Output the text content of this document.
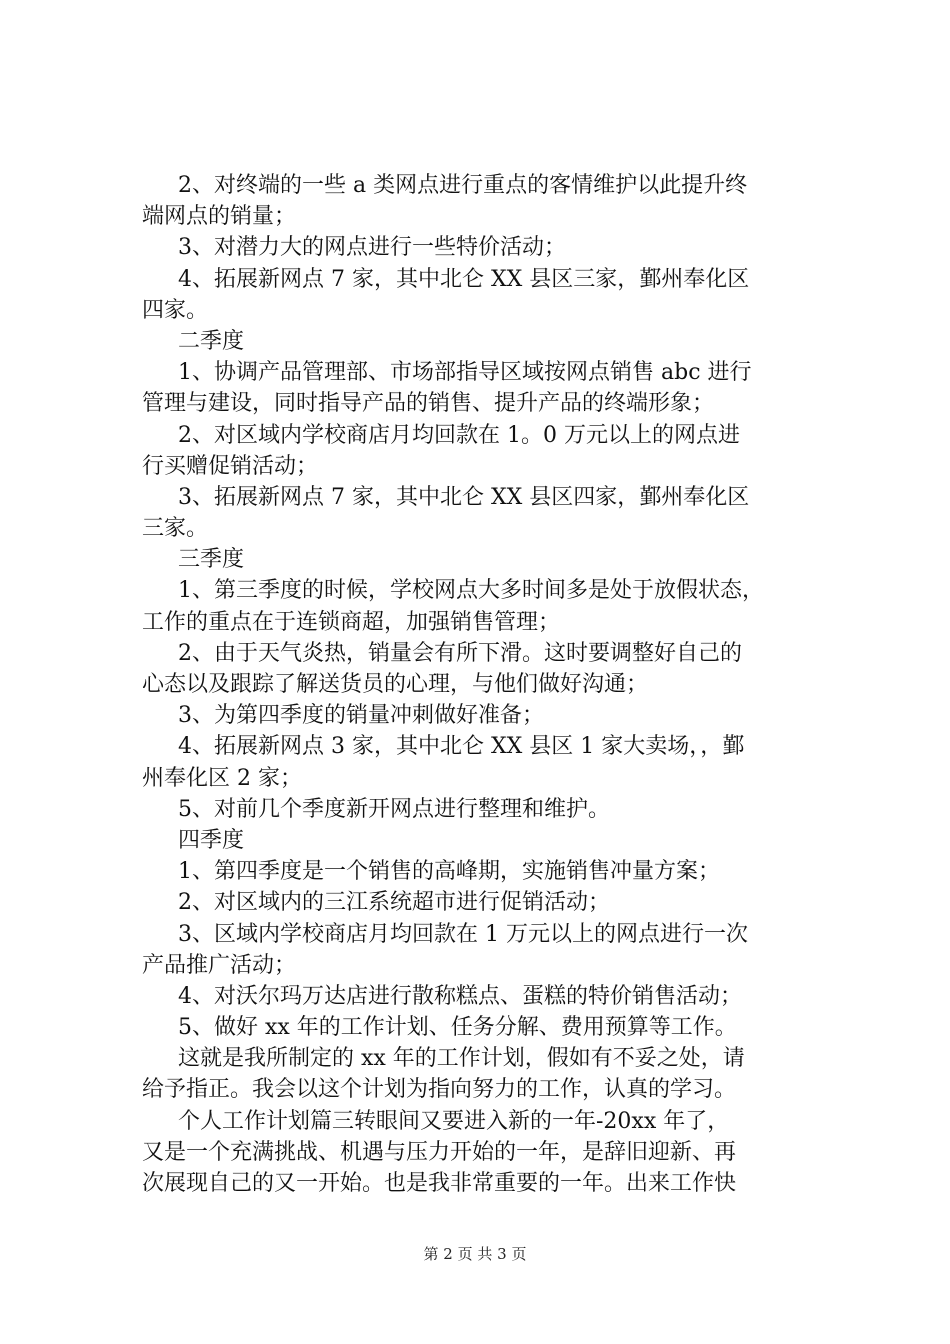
2、对终端的一些 a 类网点进行重点的客情维护以此提升终
端网点的销量；
3、对潜力大的网点进行一些特价活动；
4、拓展新网点 7 家，其中北仑 XX 县区三家，鄞州奉化区
四家。
二季度
1、协调产品管理部、市场部指导区域按网点销售 abc 进行
管理与建设，同时指导产品的销售、提升产品的终端形象；
2、对区域内学校商店月均回款在 1。0 万元以上的网点进
行买赠促销活动；
3、拓展新网点 7 家，其中北仑 XX 县区四家，鄞州奉化区
三家。
三季度
1、第三季度的时候，学校网点大多时间多是处于放假状态，
工作的重点在于连锁商超，加强销售管理；
2、由于天气炎热，销量会有所下滑。这时要调整好自己的
心态以及跟踪了解送货员的心理，与他们做好沟通；
3、为第四季度的销量冲刺做好准备；
4、拓展新网点 3 家，其中北仑 XX 县区 1 家大卖场，，鄞
州奉化区 2 家；
5、对前几个季度新开网点进行整理和维护。
四季度
1、第四季度是一个销售的高峰期，实施销售冲量方案；
2、对区域内的三江系统超市进行促销活动；
3、区域内学校商店月均回款在 1 万元以上的网点进行一次
产品推广活动；
4、对沃尔玛万达店进行散称糕点、蛋糕的特价销售活动；
5、做好 xx 年的工作计划、任务分解、费用预算等工作。
这就是我所制定的 xx 年的工作计划，假如有不妥之处，请
给予指正。我会以这个计划为指向努力的工作，认真的学习。
个人工作计划篇三转眼间又要进入新的一年-20xx 年了，
又是一个充满挑战、机遇与压力开始的一年，是辞旧迎新、再
次展现自己的又一开始。也是我非常重要的一年。出来工作快
第 2 页 共 3 页
